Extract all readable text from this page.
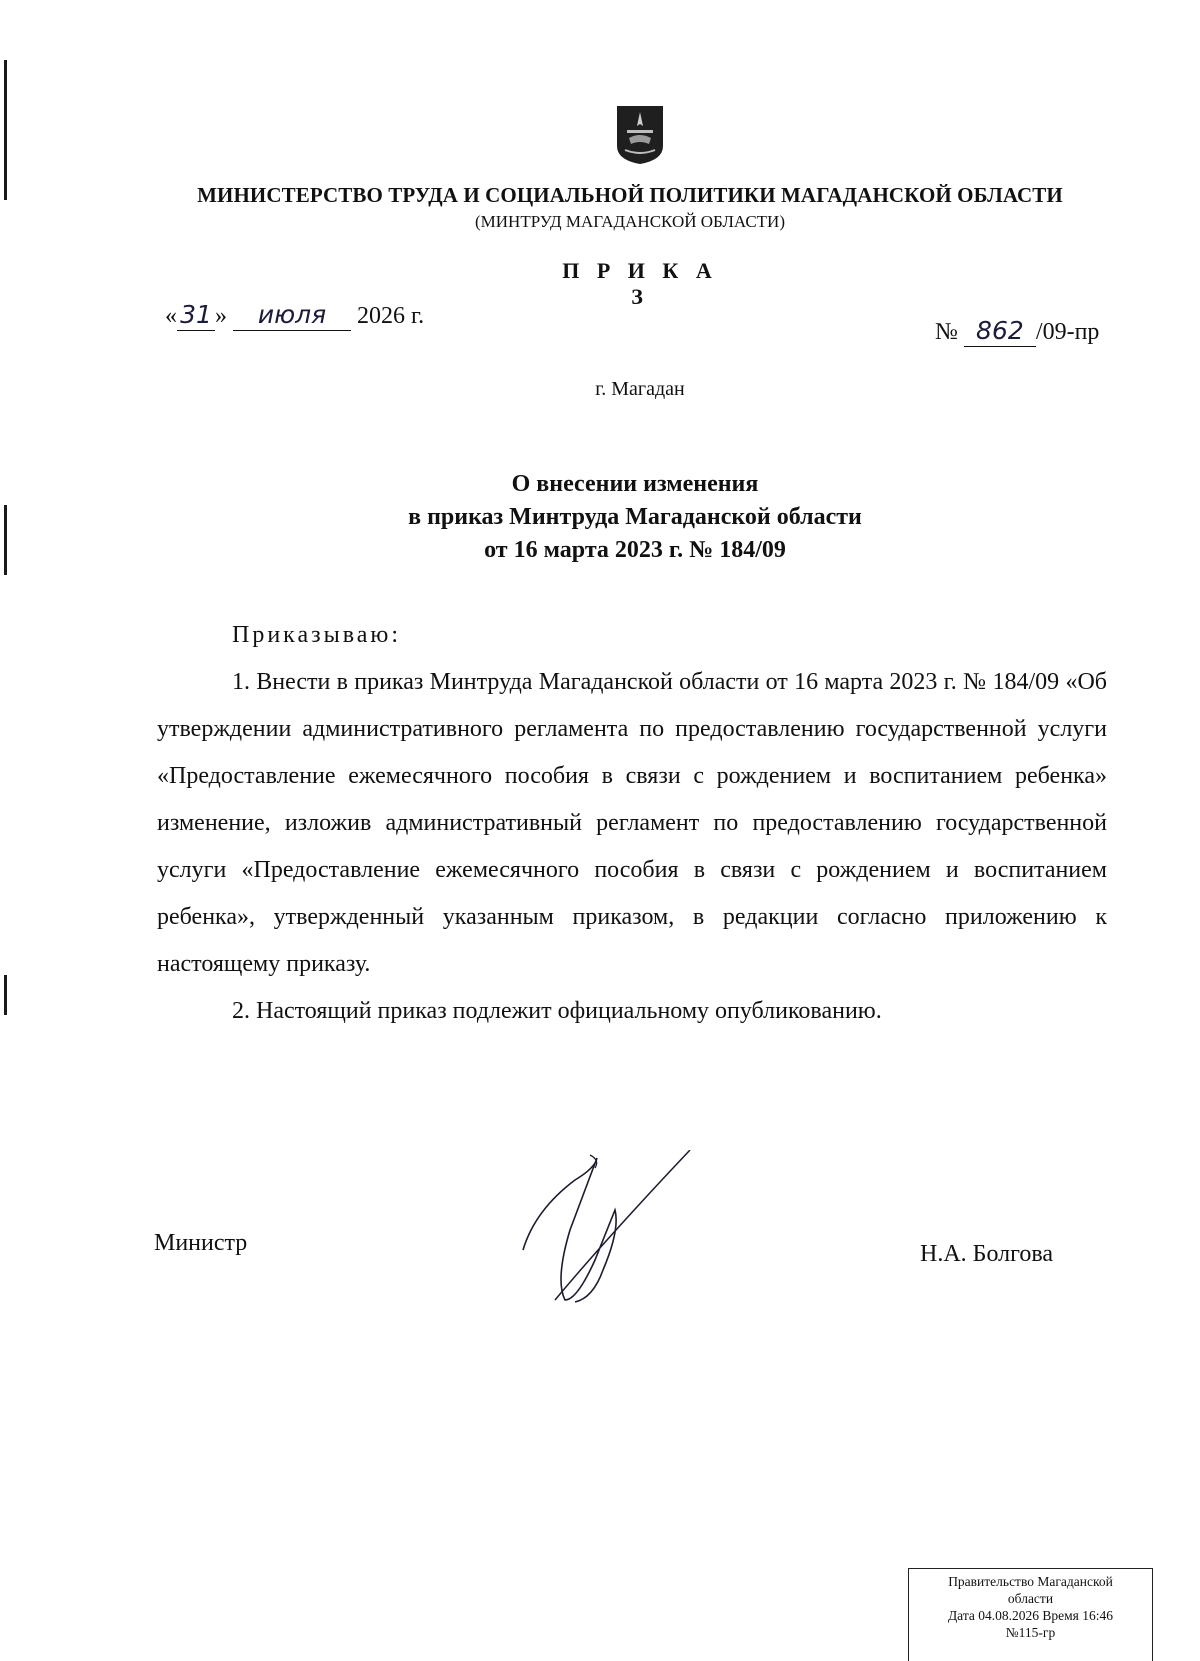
МИНИСТЕРСТВО ТРУДА И СОЦИАЛЬНОЙ ПОЛИТИКИ МАГАДАНСКОЙ ОБЛАСТИ
(МИНТРУД МАГАДАНСКОЙ ОБЛАСТИ)
П Р И К А З
« 31 » июля 2026 г.
№ 862 /09-пр
г. Магадан
О внесении изменения
в приказ Минтруда Магаданской области
от 16 марта 2023 г. № 184/09

Приказываю:

1. Внести в приказ Минтруда Магаданской области от 16 марта 2023 г. № 184/09 «Об утверждении административного регламента по предоставлению государственной услуги «Предоставление ежемесячного пособия в связи с рождением и воспитанием ребенка» изменение, изложив административный регламент по предоставлению государственной услуги «Предоставление ежемесячного пособия в связи с рождением и воспитанием ребенка», утвержденный указанным приказом, в редакции согласно приложению к настоящему приказу.

2. Настоящий приказ подлежит официальному опубликованию.

Министр	Н.А. Болгова
Правительство Магаданской
области
Дата 04.08.2026 Время 16:46
№115-гр
